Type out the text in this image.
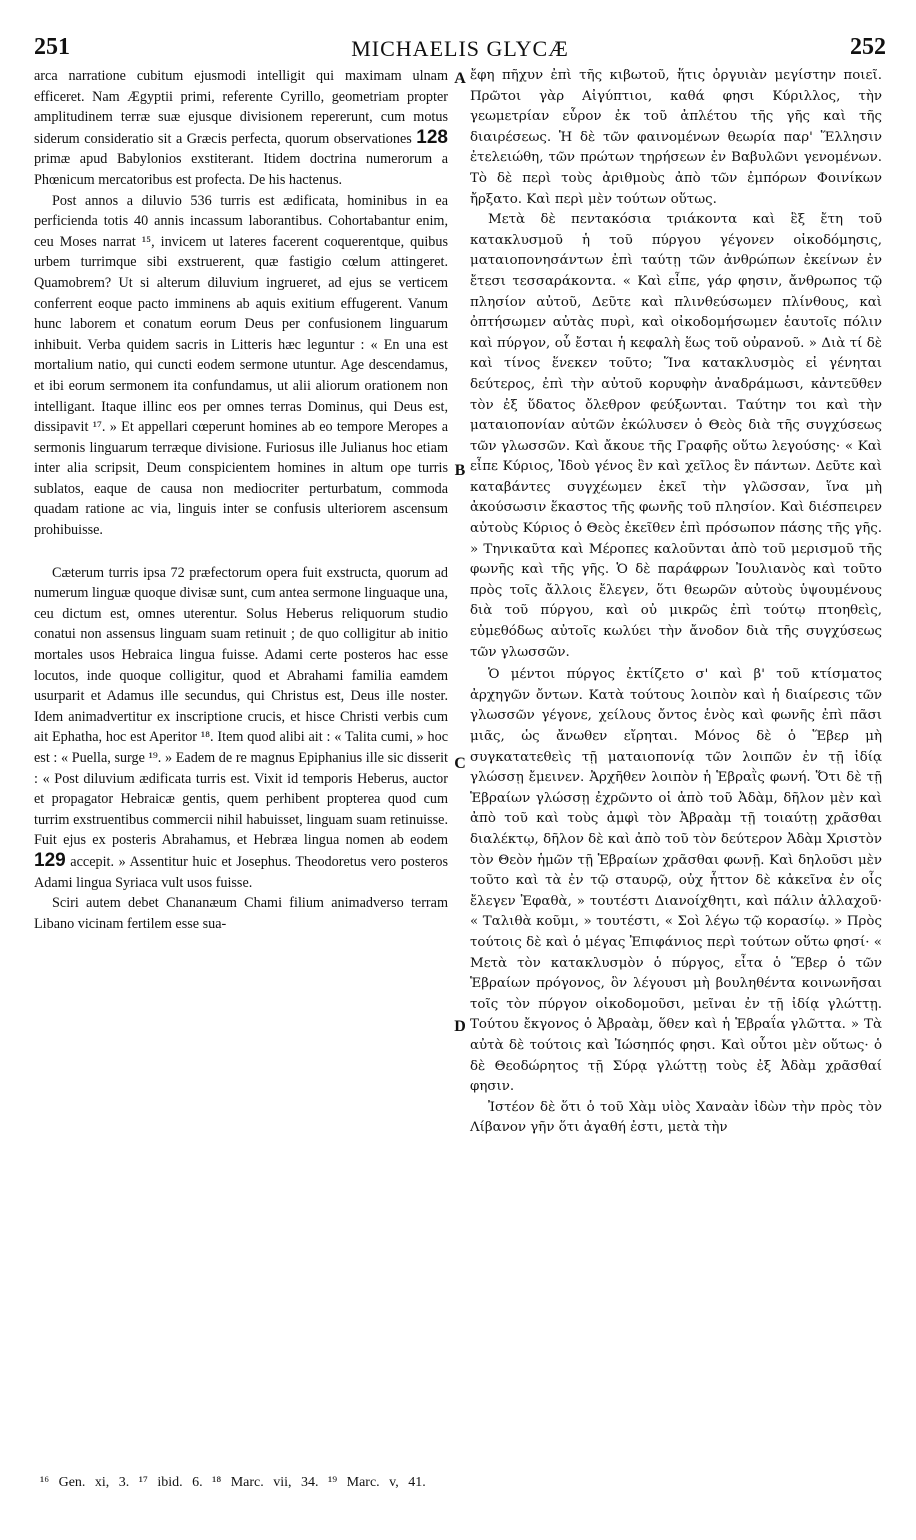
251	MICHAELIS GLYCÆ	252

arca narratione cubitum ejusmodi intelligit qui maximam ulnam efficeret. Nam Ægyptii primi, referente Cyrillo, geometriam propter amplitudinem terræ suæ ejusque divisionem repererunt, cum motus siderum consideratio sit a Græcis perfecta, quorum observationes 128 primæ apud Babylonios exstiterant. Itidem doctrina numerorum a Phœnicum mercatoribus est profecta. De his hactenus.

Post annos a diluvio 536 turris est ædificata, hominibus in ea perficienda totis 40 annis incassum laborantibus. Cohortabantur enim, ceu Moses narrat ¹⁵, invicem ut lateres facerent coquerentque, quibus urbem turrimque sibi exstruerent, quæ fastigio cœlum attingeret. Quamobrem? Ut si alterum diluvium ingrueret, ad ejus se verticem conferrent eoque pacto imminens ab aquis exitium effugerent. Vanum hunc laborem et conatum eorum Deus per confusionem linguarum inhibuit. Verba quidem sacris in Litteris hæc leguntur : « En una est mortalium natio, qui cuncti eodem sermone utuntur. Age descendamus, et ibi eorum sermonem ita confundamus, ut alii aliorum orationem non intelligant. Itaque illinc eos per omnes terras Dominus, qui Deus est, dissipavit ¹⁷. » Et appellari cœperunt homines ab eo tempore Meropes a sermonis linguarum terræque divisione. Furiosus ille Julianus hoc etiam inter alia scripsit, Deum conspicientem homines in altum ope turris sublatos, eaque de causa non mediocriter perturbatum, commoda quadam ratione ac via, linguis inter se confusis ulteriorem ascensum prohibuisse.

Cæterum turris ipsa 72 præfectorum opera fuit exstructa, quorum ad numerum linguæ quoque divisæ sunt, cum antea sermone linguaque una, ceu dictum est, omnes uterentur. Solus Heberus reliquorum studio conatui non assensus linguam suam retinuit ; de quo colligitur ab initio mortales usos Hebraica lingua fuisse. Adami certe posteros hac esse locutos, inde quoque colligitur, quod et Abrahami familia eamdem usurparit et Adamus ille secundus, qui Christus est, Deus ille noster. Idem animadvertitur ex inscriptione crucis, et hisce Christi verbis cum ait Ephatha, hoc est Aperitor ¹⁸. Item quod alibi ait : « Talita cumi, » hoc est : « Puella, surge ¹⁹. » Eadem de re magnus Epiphanius ille sic disserit : « Post diluvium ædificata turris est. Vixit id temporis Heberus, auctor et propagator Hebraicæ gentis, quem perhibent propterea quod cum turrim exstruentibus commercii nihil habuisset, linguam suam retinuisse. Fuit ejus ex posteris Abrahamus, et Hebræa lingua nomen ab eodem 129 accepit. » Assentitur huic et Josephus. Theodoretus vero posteros Adami lingua Syriaca vult usos fuisse.

Sciri autem debet Chananæum Chami filium animadverso terram Libano vicinam fertilem esse sua-

A
B
C
D

ἔφη πῆχυν ἐπὶ τῆς κιβωτοῦ, ἥτις ὀργυιὰν μεγίστην ποιεῖ. Πρῶτοι γὰρ Αἰγύπτιοι, καθά φησι Κύριλλος, τὴν γεωμετρίαν εὗρον ἐκ τοῦ ἀπλέτου τῆς γῆς καὶ τῆς διαιρέσεως. Ἡ δὲ τῶν φαινομένων θεωρία παρ' Ἕλλησιν ἐτελειώθη, τῶν πρώτων τηρήσεων ἐν Βαβυλῶνι γενομένων. Τὸ δὲ περὶ τοὺς ἀριθμοὺς ἀπὸ τῶν ἐμπόρων Φοινίκων ἤρξατο. Καὶ περὶ μὲν τούτων οὕτως.

Μετὰ δὲ πεντακόσια τριάκοντα καὶ ἓξ ἔτη τοῦ κατακλυσμοῦ ἡ τοῦ πύργου γέγονεν οἰκοδόμησις, ματαιοπονησάντων ἐπὶ ταύτῃ τῶν ἀνθρώπων ἐκείνων ἐν ἔτεσι τεσσαράκοντα. « Καὶ εἶπε, γάρ φησιν, ἄνθρωπος τῷ πλησίον αὐτοῦ, Δεῦτε καὶ πλινθεύσωμεν πλίνθους, καὶ ὀπτήσωμεν αὐτὰς πυρὶ, καὶ οἰκοδομήσωμεν ἑαυτοῖς πόλιν καὶ πύργον, οὗ ἔσται ἡ κεφαλὴ ἕως τοῦ οὐρανοῦ. » Διὰ τί δὲ καὶ τίνος ἕνεκεν τοῦτο; Ἵνα κατακλυσμὸς εἰ γένηται δεύτερος, ἐπὶ τὴν αὐτοῦ κορυφὴν ἀναδράμωσι, κἀντεῦθεν τὸν ἐξ ὕδατος ὄλεθρον φεύξωνται. Ταύτην τοι καὶ τὴν ματαιοπονίαν αὐτῶν ἐκώλυσεν ὁ Θεὸς διὰ τῆς συγχύσεως τῶν γλωσσῶν. Καὶ ἄκουε τῆς Γραφῆς οὕτω λεγούσης· « Καὶ εἶπε Κύριος, Ἰδοὺ γένος ἓν καὶ χεῖλος ἓν πάντων. Δεῦτε καὶ καταβάντες συγχέωμεν ἐκεῖ τὴν γλῶσσαν, ἵνα μὴ ἀκούσωσιν ἕκαστος τῆς φωνῆς τοῦ πλησίον. Καὶ διέσπειρεν αὐτοὺς Κύριος ὁ Θεὸς ἐκεῖθεν ἐπὶ πρόσωπον πάσης τῆς γῆς. » Τηνικαῦτα καὶ Μέροπες καλοῦνται ἀπὸ τοῦ μερισμοῦ τῆς φωνῆς καὶ τῆς γῆς. Ὁ δὲ παράφρων Ἰουλιανὸς καὶ τοῦτο πρὸς τοῖς ἄλλοις ἔλεγεν, ὅτι θεωρῶν αὐτοὺς ὑψουμένους διὰ τοῦ πύργου, καὶ οὐ μικρῶς ἐπὶ τούτῳ πτοηθεὶς, εὐμεθόδως αὐτοῖς κωλύει τὴν ἄνοδον διὰ τῆς συγχύσεως τῶν γλωσσῶν.

Ὁ μέντοι πύργος ἐκτίζετο σ' καὶ β' τοῦ κτίσματος ἀρχηγῶν ὄντων. Κατὰ τούτους λοιπὸν καὶ ἡ διαίρεσις τῶν γλωσσῶν γέγονε, χείλους ὄντος ἑνὸς καὶ φωνῆς ἐπὶ πᾶσι μιᾶς, ὡς ἄνωθεν εἴρηται. Μόνος δὲ ὁ Ἕβερ μὴ συγκατατεθεὶς τῇ ματαιοπονίᾳ τῶν λοιπῶν ἐν τῇ ἰδίᾳ γλώσσῃ ἔμεινεν. Ἀρχῆθεν λοιπὸν ἡ Ἑβραῒς φωνή. Ὅτι δὲ τῇ Ἑβραίων γλώσσῃ ἐχρῶντο οἱ ἀπὸ τοῦ Ἀδὰμ, δῆλον μὲν καὶ ἀπὸ τοῦ καὶ τοὺς ἀμφὶ τὸν Ἀβραὰμ τῇ τοιαύτῃ χρᾶσθαι διαλέκτῳ, δῆλον δὲ καὶ ἀπὸ τοῦ τὸν δεύτερον Ἀδὰμ Χριστὸν τὸν Θεὸν ἡμῶν τῇ Ἑβραίων χρᾶσθαι φωνῇ. Καὶ δηλοῦσι μὲν τοῦτο καὶ τὰ ἐν τῷ σταυρῷ, οὐχ ἧττον δὲ κἀκεῖνα ἐν οἷς ἔλεγεν Ἐφαθὰ, » τουτέστι Διανοίχθητι, καὶ πάλιν ἀλλαχοῦ· « Ταλιθὰ κοῦμι, » τουτέστι, « Σοὶ λέγω τῷ κορασίῳ. » Πρὸς τούτοις δὲ καὶ ὁ μέγας Ἐπιφάνιος περὶ τούτων οὕτω φησί· « Μετὰ τὸν κατακλυσμὸν ὁ πύργος, εἶτα ὁ Ἕβερ ὁ τῶν Ἑβραίων πρόγονος, ὃν λέγουσι μὴ βουληθέντα κοινωνῆσαι τοῖς τὸν πύργον οἰκοδομοῦσι, μεῖναι ἐν τῇ ἰδίᾳ γλώττῃ. Τούτου ἔκγονος ὁ Ἀβραὰμ, ὅθεν καὶ ἡ Ἑβραΐα γλῶττα. » Τὰ αὐτὰ δὲ τούτοις καὶ Ἰώσηπός φησι. Καὶ οὗτοι μὲν οὕτως· ὁ δὲ Θεοδώρητος τῇ Σύρᾳ γλώττῃ τοὺς ἐξ Ἀδὰμ χρᾶσθαί φησιν.

Ἰστέον δὲ ὅτι ὁ τοῦ Χὰμ υἱὸς Χαναὰν ἰδὼν τὴν πρὸς τὸν Λίβανον γῆν ὅτι ἀγαθή ἐστι, μετὰ τὴν

¹⁶ Gen. xi, 3. ¹⁷ ibid. 6. ¹⁸ Marc. vii, 34. ¹⁹ Marc. v, 41.
